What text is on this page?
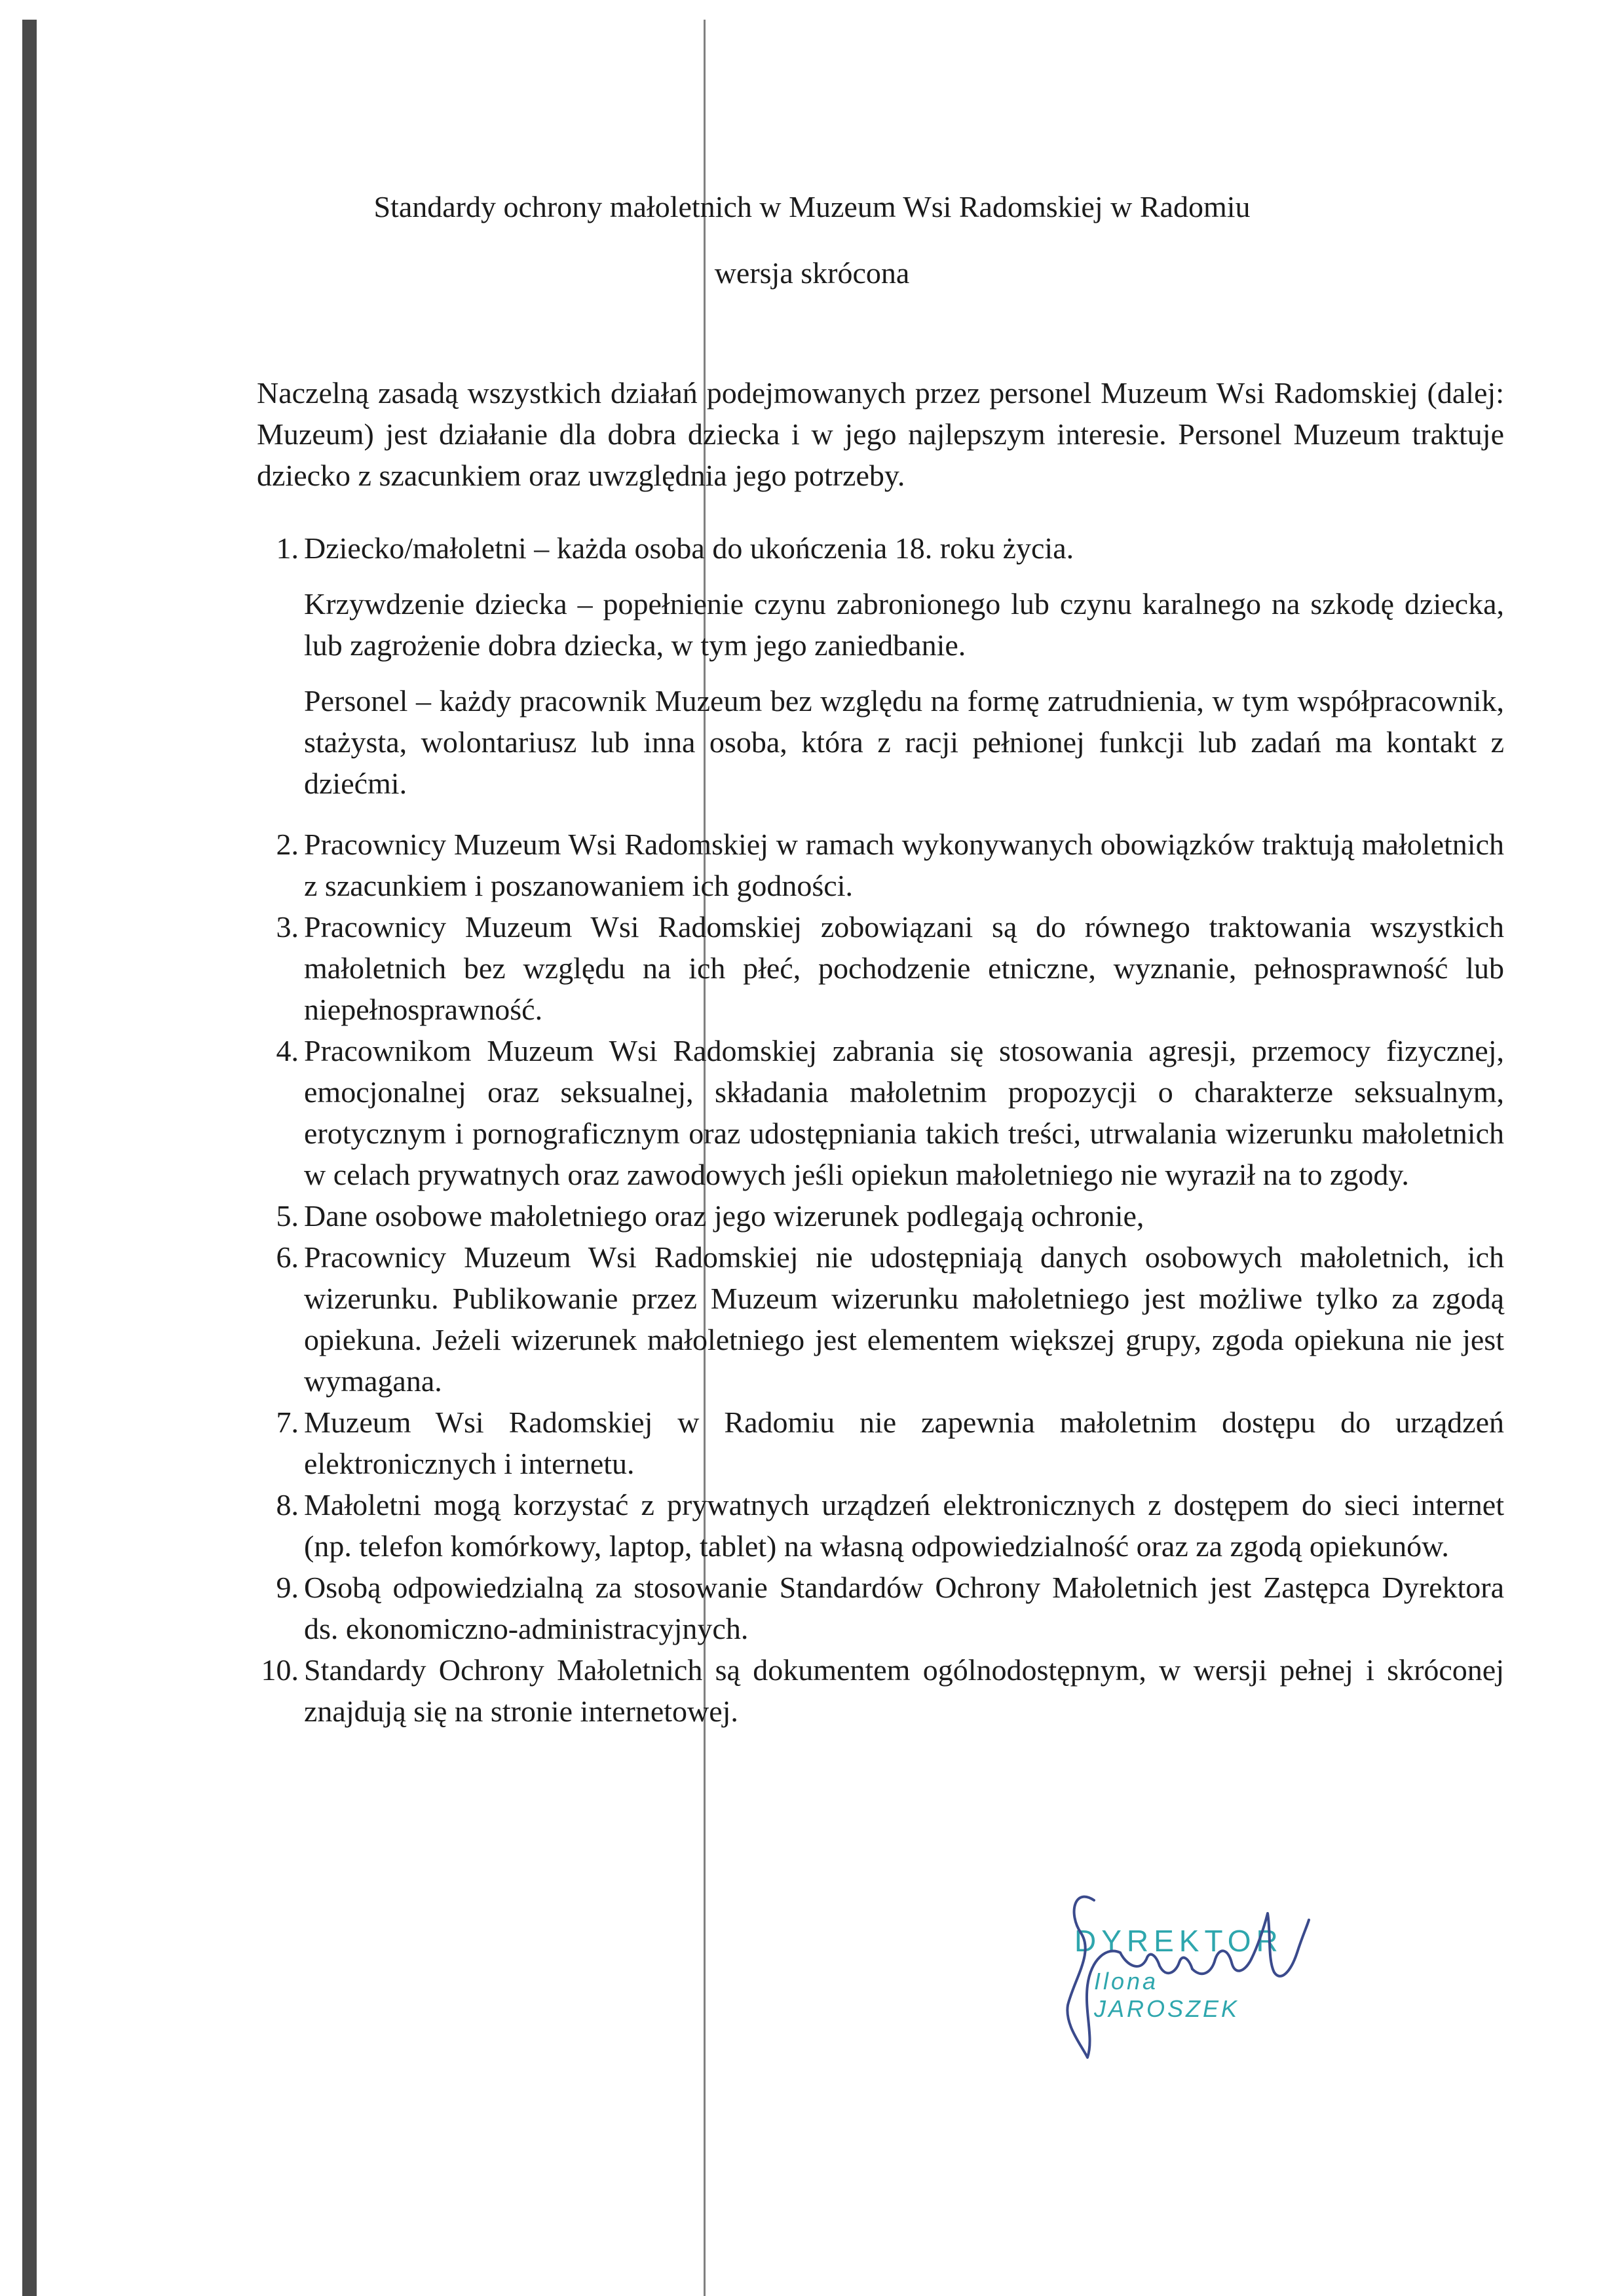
Standardy ochrony małoletnich w Muzeum Wsi Radomskiej w Radomiu
wersja skrócona

Naczelną zasadą wszystkich działań podejmowanych przez personel Muzeum Wsi Radomskiej (dalej: Muzeum) jest działanie dla dobra dziecka i w jego najlepszym interesie. Personel Muzeum traktuje dziecko z szacunkiem oraz uwzględnia jego potrzeby.

1. Dziecko/małoletni – każda osoba do ukończenia 18. roku życia.
Krzywdzenie dziecka – popełnienie czynu zabronionego lub czynu karalnego na szkodę dziecka, lub zagrożenie dobra dziecka, w tym jego zaniedbanie.
Personel – każdy pracownik Muzeum bez względu na formę zatrudnienia, w tym współpracownik, stażysta, wolontariusz lub inna osoba, która z racji pełnionej funkcji lub zadań ma kontakt z dziećmi.
2. Pracownicy Muzeum Wsi Radomskiej w ramach wykonywanych obowiązków traktują małoletnich z szacunkiem i poszanowaniem ich godności.
3. Pracownicy Muzeum Wsi Radomskiej zobowiązani są do równego traktowania wszystkich małoletnich bez względu na ich płeć, pochodzenie etniczne, wyznanie, pełnosprawność lub niepełnosprawność.
4. Pracownikom Muzeum Wsi Radomskiej zabrania się stosowania agresji, przemocy fizycznej, emocjonalnej oraz seksualnej, składania małoletnim propozycji o charakterze seksualnym, erotycznym i pornograficznym oraz udostępniania takich treści, utrwalania wizerunku małoletnich w celach prywatnych oraz zawodowych jeśli opiekun małoletniego nie wyraził na to zgody.
5. Dane osobowe małoletniego oraz jego wizerunek podlegają ochronie,
6. Pracownicy Muzeum Wsi Radomskiej nie udostępniają danych osobowych małoletnich, ich wizerunku. Publikowanie przez Muzeum wizerunku małoletniego jest możliwe tylko za zgodą opiekuna. Jeżeli wizerunek małoletniego jest elementem większej grupy, zgoda opiekuna nie jest wymagana.
7. Muzeum Wsi Radomskiej w Radomiu nie zapewnia małoletnim dostępu do urządzeń elektronicznych i internetu.
8. Małoletni mogą korzystać z prywatnych urządzeń elektronicznych z dostępem do sieci internet (np. telefon komórkowy, laptop, tablet) na własną odpowiedzialność oraz za zgodą opiekunów.
9. Osobą odpowiedzialną za stosowanie Standardów Ochrony Małoletnich jest Zastępca Dyrektora ds. ekonomiczno-administracyjnych.
10. Standardy Ochrony Małoletnich są dokumentem ogólnodostępnym, w wersji pełnej i skróconej znajdują się na stronie internetowej.
DYREKTOR
Ilona JAROSZEK
